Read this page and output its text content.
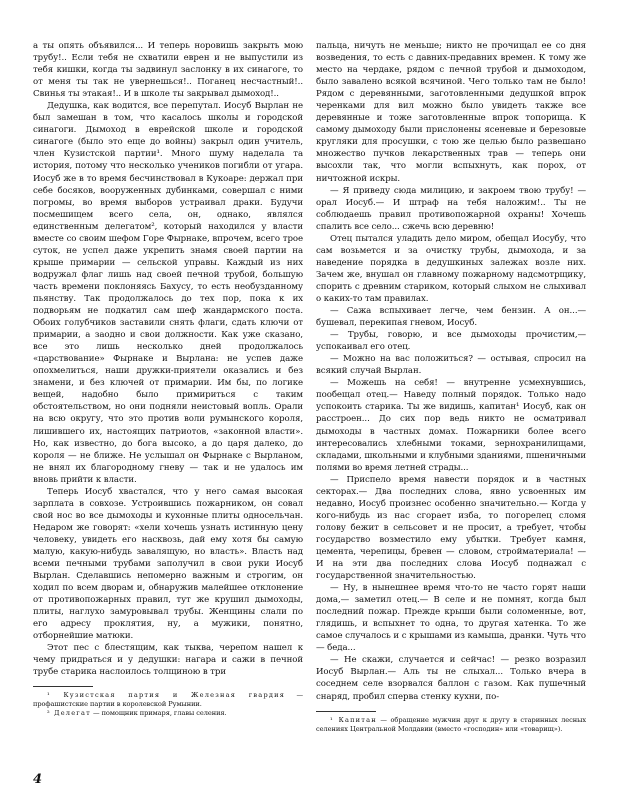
а ты опять объявился... И теперь норовишь закрыть мою трубу!.. Если тебя не схватили еврен и не выпустили из тебя кишки, когда ты задвинул заслонку в их синагоге, то от меня ты так не увернешься!.. Поганец несчастный!.. Свинья ты этакая!.. И в школе ты закрывал дымоход!..

Дедушка, как водится, все перепутал. Иосуб Вырлан не был замешан в том, что касалось школы и городской синагоги. Дымоход в еврейской школе и городской синагоге (было это еще до войны) закрыл один учитель, член Кузистской партии¹. Много шуму наделала та история, потому что несколько учеников погибли от угара. Иосуб же в то время бесчинствовал в Кукоаре: держал при себе босяков, вооруженных дубинками, совершал с ними погромы, во время выборов устраивал драки. Будучи посмешищем всего села, он, однако, являлся единственным делегатом², который находился у власти вместе со своим шефом Горе Фырнаке, впрочем, всего трое суток, не успел даже укрепить знамя своей партии на крыше примарии — сельской управы. Каждый из них водружал флаг лишь над своей печной трубой, большую часть времени поклоняясь Бахусу, то есть необузданному пьянству. Так продолжалось до тех пор, пока к их подворьям не подкатил сам шеф жандармского поста. Обоих голубчиков заставили снять флаги, сдать ключи от примарии, а заодно и свои должности. Как уже сказано, все это лишь несколько дней продолжалось «царствование» Фырнаке и Вырлана: не успев даже опохмелиться, наши дружки-приятели оказались и без знамени, и без ключей от примарии. Им бы, по логике вещей, надобно было примириться с таким обстоятельством, но они подняли неистовый вопль. Орали на всю округу, что это против воли румынского короля, лишившего их, настоящих патриотов, «законной власти». Но, как известно, до бога высоко, а до царя далеко, до короля — не ближе. Не услышал он Фырнаке с Вырланом, не внял их благородному гневу — так и не удалось им вновь прийти к власти.

Теперь Иосуб хвастался, что у него самая высокая зарплата в совхозе. Устроившись пожарником, он совал свой нос во все дымоходы и кухонные плиты односельчан. Недаром же говорят: «хели хочешь узнать истинную цену человеку, увидеть его насквозь, дай ему хотя бы самую малую, какую-нибудь завалящую, но власть». Власть над всеми печными трубами заполучил в свои руки Иосуб Вырлан. Сделавшись непомерно важным и строгим, он ходил по всем дворам и, обнаружив малейшее отклонение от противопожарных правил, тут же крушил дымоходы, плиты, наглухо замуровывал трубы. Женщины слали по его адресу проклятия, ну, а мужики, понятно, отборнейшие матюки.

Этот пес с блестящим, как тыква, черепом нашел к чему придраться и у дедушки: нагара и сажи в печной трубе старика наслоилось толщиною в три

¹ Кузистская партия и Железная гвардия — профашистские партии в королевской Румынии.

² Делегат — помощник примаря, главы селения.

пальца, ничуть не меньше; никто не прочищал ее со дня возведения, то есть с давних-предавних времен. К тому же место на чердаке, рядом с печной трубой и дымоходом, было завалено всякой всячиной. Чего только там не было! Рядом с деревянными, заготовленными дедушкой впрок черенками для вил можно было увидеть также все деревянные и тоже заготовленные впрок топорища. К самому дымоходу были прислонены ясеневые и березовые кругляки для просушки, с тою же целью было развешано множество пучков лекарственных трав — теперь они высохли так, что могли вспыхнуть, как порох, от ничтожной искры.

— Я приведу сюда милицию, и закроем твою трубу! — орал Иосуб.— И штраф на тебя наложим!.. Ты не соблюдаешь правил противопожарной охраны! Хочешь спалить все село... сжечь всю деревню!

Отец пытался уладить дело миром, обещал Иосубу, что сам возьмется и за очистку трубы, дымохода, и за наведение порядка в дедушкиных залежах возле них. Зачем же, внушал он главному пожарному надсмотрщику, спорить с древним стариком, который слыхом не слыхивал о каких-то там правилах.

— Сажа вспыхивает легче, чем бензин. А он...— бушевал, перекипая гневом, Иосуб.

— Трубы, говорю, и все дымоходы прочистим,— успокаивал его отец.

— Можно на вас положиться? — остывая, спросил на всякий случай Вырлан.

— Можешь на себя! — внутренне усмехнувшись, пообещал отец.— Наведу полный порядок. Только надо успокоить старика. Ты же видишь, капитан¹ Иосуб, как он расстроен... До сих пор ведь никто не осматривал дымоходы в частных домах. Пожарники более всего интересовались хлебными токами, зернохранилищами, складами, школьными и клубными зданиями, пшеничными полями во время летней страды...

— Приспело время навести порядок и в частных секторах.— Два последних слова, явно усвоенных им недавно, Иосуб произнес особенно значительно.— Когда у кого-нибудь из нас сгорает изба, то погорелец сломя голову бежит в сельсовет и не просит, а требует, чтобы государство возместило ему убытки. Требует камня, цемента, черепицы, бревен — словом, стройматериала! — И на эти два последних слова Иосуб поднажал с государственной значительностью.

— Ну, в нынешнее время что-то не часто горят наши дома,— заметил отец.— В селе и не помнят, когда был последний пожар. Прежде крыши были соломенные, вот, глядишь, и вспыхнет то одна, то другая хатенка. То же самое случалось и с крышами из камыша, дранки. Чуть что — беда...

— Не скажи, случается и сейчас! — резко возразил Иосуб Вырлан.— Аль ты не слыхал... Только вчера в соседнем селе взорвался баллон с газом. Как пушечный снаряд, пробил сперва стенку кухни, по-

¹ Капитан — обращение мужчин друг к другу в старинных лесных селениях Центральной Молдавии (вместо «господин» или «товарищ»).

4
